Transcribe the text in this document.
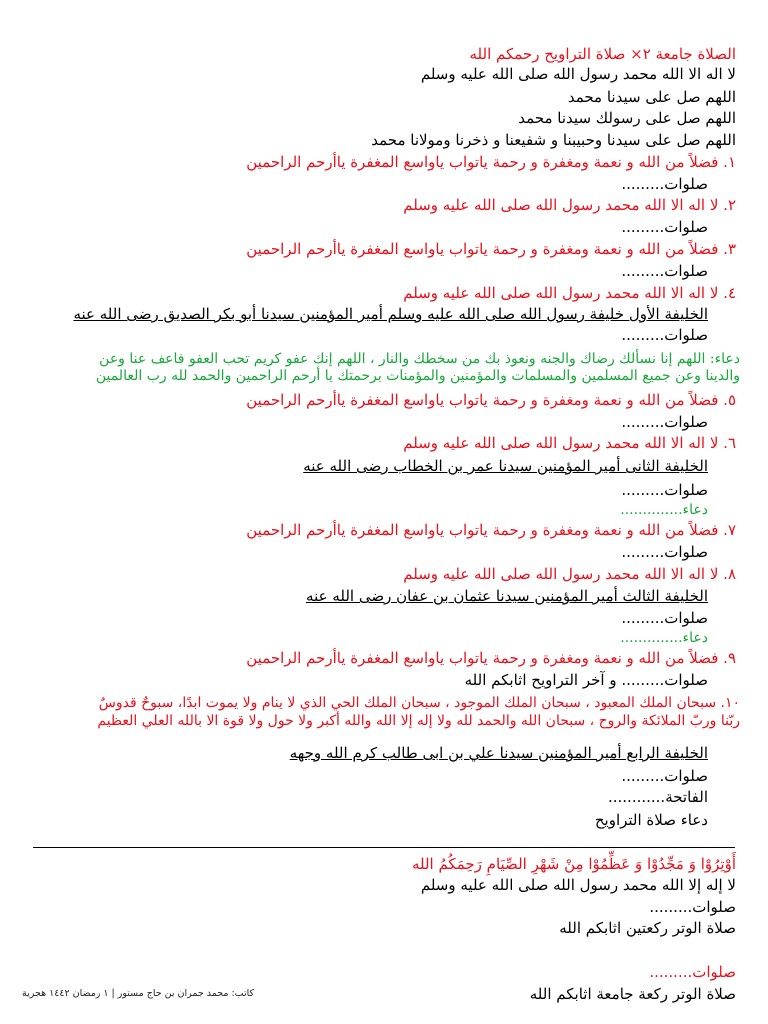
الصلاة جامعة ٢× صلاة التراويح رحمكم الله
لا اله الا الله محمد رسول الله صلى الله عليه وسلم
اللهم صل على سيدنا محمد
اللهم صل على رسولك سيدنا محمد
اللهم صل على سيدنا وحبيبنا و شفيعنا و ذخرنا ومولانا محمد
١. فضلاً من الله و نعمة ومغفرة و رحمة ياتواب ياواسع المغفرة ياأرحم الراحمين
صلوات.........
٢. لا اله الا الله محمد رسول الله صلى الله عليه وسلم
صلوات.........
٣. فضلاً من الله و نعمة ومغفرة و رحمة ياتواب ياواسع المغفرة ياأرحم الراحمين
صلوات.........
٤. لا اله الا الله محمد رسول الله صلى الله عليه وسلم
الخليفة الأول خليفة رسول الله صلى الله عليه وسلم أمير المؤمنين سيدنا أبو بكر الصديق رضى الله عنه
صلوات.........
دعاء: اللهم إنا نسألك رضاك والجنه ونعوذ بك من سخطك والنار ، اللهم إنك عفو كريم تحب العفو فاعف عنا وعن
والدينا وعن جميع المسلمين والمسلمات والمؤمنين والمؤمنات برحمتك يا أرحم الراحمين والحمد لله رب العالمين
٥. فضلاً من الله و نعمة ومغفرة و رحمة ياتواب ياواسع المغفرة ياأرحم الراحمين
صلوات.........
٦. لا اله الا الله محمد رسول الله صلى الله عليه وسلم
الخليفة الثانى أمير المؤمنين سيدنا عمر بن الخطاب رضى الله عنه
صلوات.........
دعاء..............
٧. فضلاً من الله و نعمة ومغفرة و رحمة ياتواب ياواسع المغفرة ياأرحم الراحمين
صلوات.........
٨. لا اله الا الله محمد رسول الله صلى الله عليه وسلم
الخليفة الثالث أمير المؤمنين سيدنا عثمان بن عفان رضى الله عنه
صلوات.........
دعاء..............
٩. فضلاً من الله و نعمة ومغفرة و رحمة ياتواب ياواسع المغفرة ياأرحم الراحمين
صلوات......... و آخر التراويح اثابكم الله
١٠. سبحان الملك المعبود ، سبحان الملك الموجود ، سبحان الملك الحي الذي لا ينام ولا يموت ابدًا، سبوحٌ قدوسٌ
ربّنا وربّ الملائكة والروح ، سبحان الله والحمد لله ولا إله إلا الله والله أكبر ولا حول ولا قوة الا بالله العلي العظيم
الخليفة الرابع أمير المؤمنين سيدنا علي بن ابى طالب كرم الله وجهه
صلوات.........
الفاتحة............
دعاء صلاة التراويح
أَوْتِرُوْا وَ مَجِّدُوْا وَ عَظِّمُوْا مِنْ شَهْرِ الصِّيَامِ رَحِمَكُمُ الله
لا إله إلا الله محمد رسول الله صلى الله عليه وسلم
صلوات.........
صلاة الوتر ركعتين اثابكم الله
صلوات.........
صلاة الوتر ركعة جامعة اثابكم الله
كاتب: محمد جمران بن حاج مستور | ١ رمضان ١٤٤٢ هجرية
